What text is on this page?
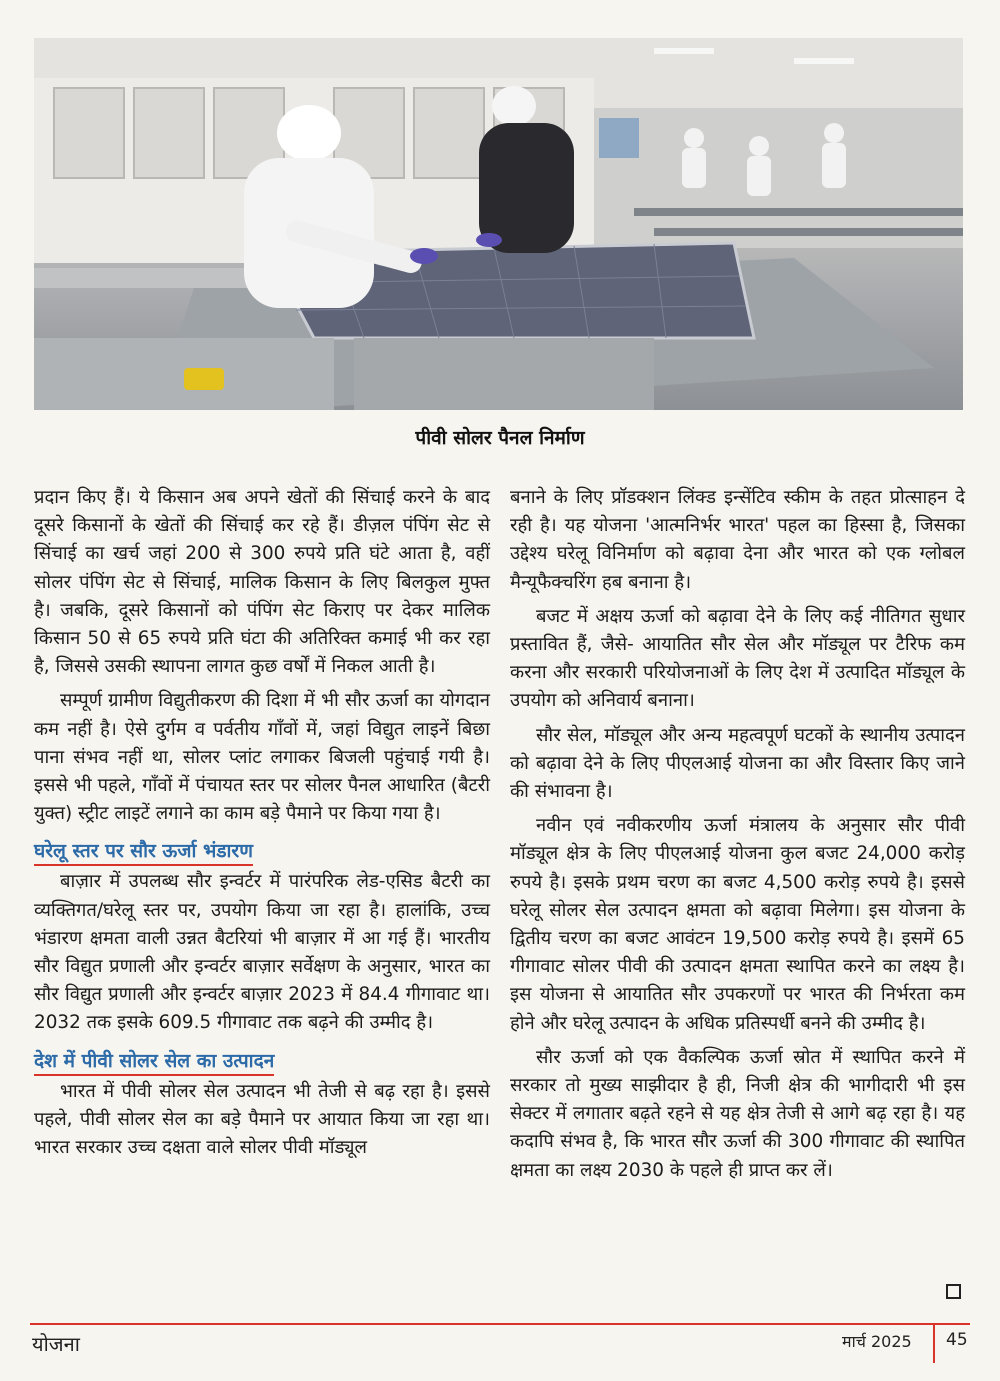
पीवी सोलर पैनल निर्माण

प्रदान किए हैं। ये किसान अब अपने खेतों की सिंचाई करने के बाद दूसरे किसानों के खेतों की सिंचाई कर रहे हैं। डीज़ल पंपिंग सेट से सिंचाई का खर्च जहां 200 से 300 रुपये प्रति घंटे आता है, वहीं सोलर पंपिंग सेट से सिंचाई, मालिक किसान के लिए बिलकुल मुफ्त है। जबकि, दूसरे किसानों को पंपिंग सेट किराए पर देकर मालिक किसान 50 से 65 रुपये प्रति घंटा की अतिरिक्त कमाई भी कर रहा है, जिससे उसकी स्थापना लागत कुछ वर्षों में निकल आती है।

सम्पूर्ण ग्रामीण विद्युतीकरण की दिशा में भी सौर ऊर्जा का योगदान कम नहीं है। ऐसे दुर्गम व पर्वतीय गाँवों में, जहां विद्युत लाइनें बिछा पाना संभव नहीं था, सोलर प्लांट लगाकर बिजली पहुंचाई गयी है। इससे भी पहले, गाँवों में पंचायत स्तर पर सोलर पैनल आधारित (बैटरी युक्त) स्ट्रीट लाइटें लगाने का काम बड़े पैमाने पर किया गया है।

घरेलू स्तर पर सौर ऊर्जा भंडारण

बाज़ार में उपलब्ध सौर इन्वर्टर में पारंपरिक लेड-एसिड बैटरी का व्यक्तिगत/घरेलू स्तर पर, उपयोग किया जा रहा है। हालांकि, उच्च भंडारण क्षमता वाली उन्नत बैटरियां भी बाज़ार में आ गई हैं। भारतीय सौर विद्युत प्रणाली और इन्वर्टर बाज़ार सर्वेक्षण के अनुसार, भारत का सौर विद्युत प्रणाली और इन्वर्टर बाज़ार 2023 में 84.4 गीगावाट था। 2032 तक इसके 609.5 गीगावाट तक बढ़ने की उम्मीद है।

देश में पीवी सोलर सेल का उत्पादन

भारत में पीवी सोलर सेल उत्पादन भी तेजी से बढ़ रहा है। इससे पहले, पीवी सोलर सेल का बड़े पैमाने पर आयात किया जा रहा था। भारत सरकार उच्च दक्षता वाले सोलर पीवी मॉड्यूल

बनाने के लिए प्रॉडक्शन लिंक्ड इन्सेंटिव स्कीम के तहत प्रोत्साहन दे रही है। यह योजना 'आत्मनिर्भर भारत' पहल का हिस्सा है, जिसका उद्देश्य घरेलू विनिर्माण को बढ़ावा देना और भारत को एक ग्लोबल मैन्यूफैक्चरिंग हब बनाना है।

बजट में अक्षय ऊर्जा को बढ़ावा देने के लिए कई नीतिगत सुधार प्रस्तावित हैं, जैसे- आयातित सौर सेल और मॉड्यूल पर टैरिफ कम करना और सरकारी परियोजनाओं के लिए देश में उत्पादित मॉड्यूल के उपयोग को अनिवार्य बनाना।

सौर सेल, मॉड्यूल और अन्य महत्वपूर्ण घटकों के स्थानीय उत्पादन को बढ़ावा देने के लिए पीएलआई योजना का और विस्तार किए जाने की संभावना है।

नवीन एवं नवीकरणीय ऊर्जा मंत्रालय के अनुसार सौर पीवी मॉड्यूल क्षेत्र के लिए पीएलआई योजना कुल बजट 24,000 करोड़ रुपये है। इसके प्रथम चरण का बजट 4,500 करोड़ रुपये है। इससे घरेलू सोलर सेल उत्पादन क्षमता को बढ़ावा मिलेगा। इस योजना के द्वितीय चरण का बजट आवंटन 19,500 करोड़ रुपये है। इसमें 65 गीगावाट सोलर पीवी की उत्पादन क्षमता स्थापित करने का लक्ष्य है। इस योजना से आयातित सौर उपकरणों पर भारत की निर्भरता कम होने और घरेलू उत्पादन के अधिक प्रतिस्पर्धी बनने की उम्मीद है।

सौर ऊर्जा को एक वैकल्पिक ऊर्जा स्रोत में स्थापित करने में सरकार तो मुख्य साझीदार है ही, निजी क्षेत्र की भागीदारी भी इस सेक्टर में लगातार बढ़ते रहने से यह क्षेत्र तेजी से आगे बढ़ रहा है। यह कदापि संभव है, कि भारत सौर ऊर्जा की 300 गीगावाट की स्थापित क्षमता का लक्ष्य 2030 के पहले ही प्राप्त कर लें।

योजना	मार्च 2025 45
